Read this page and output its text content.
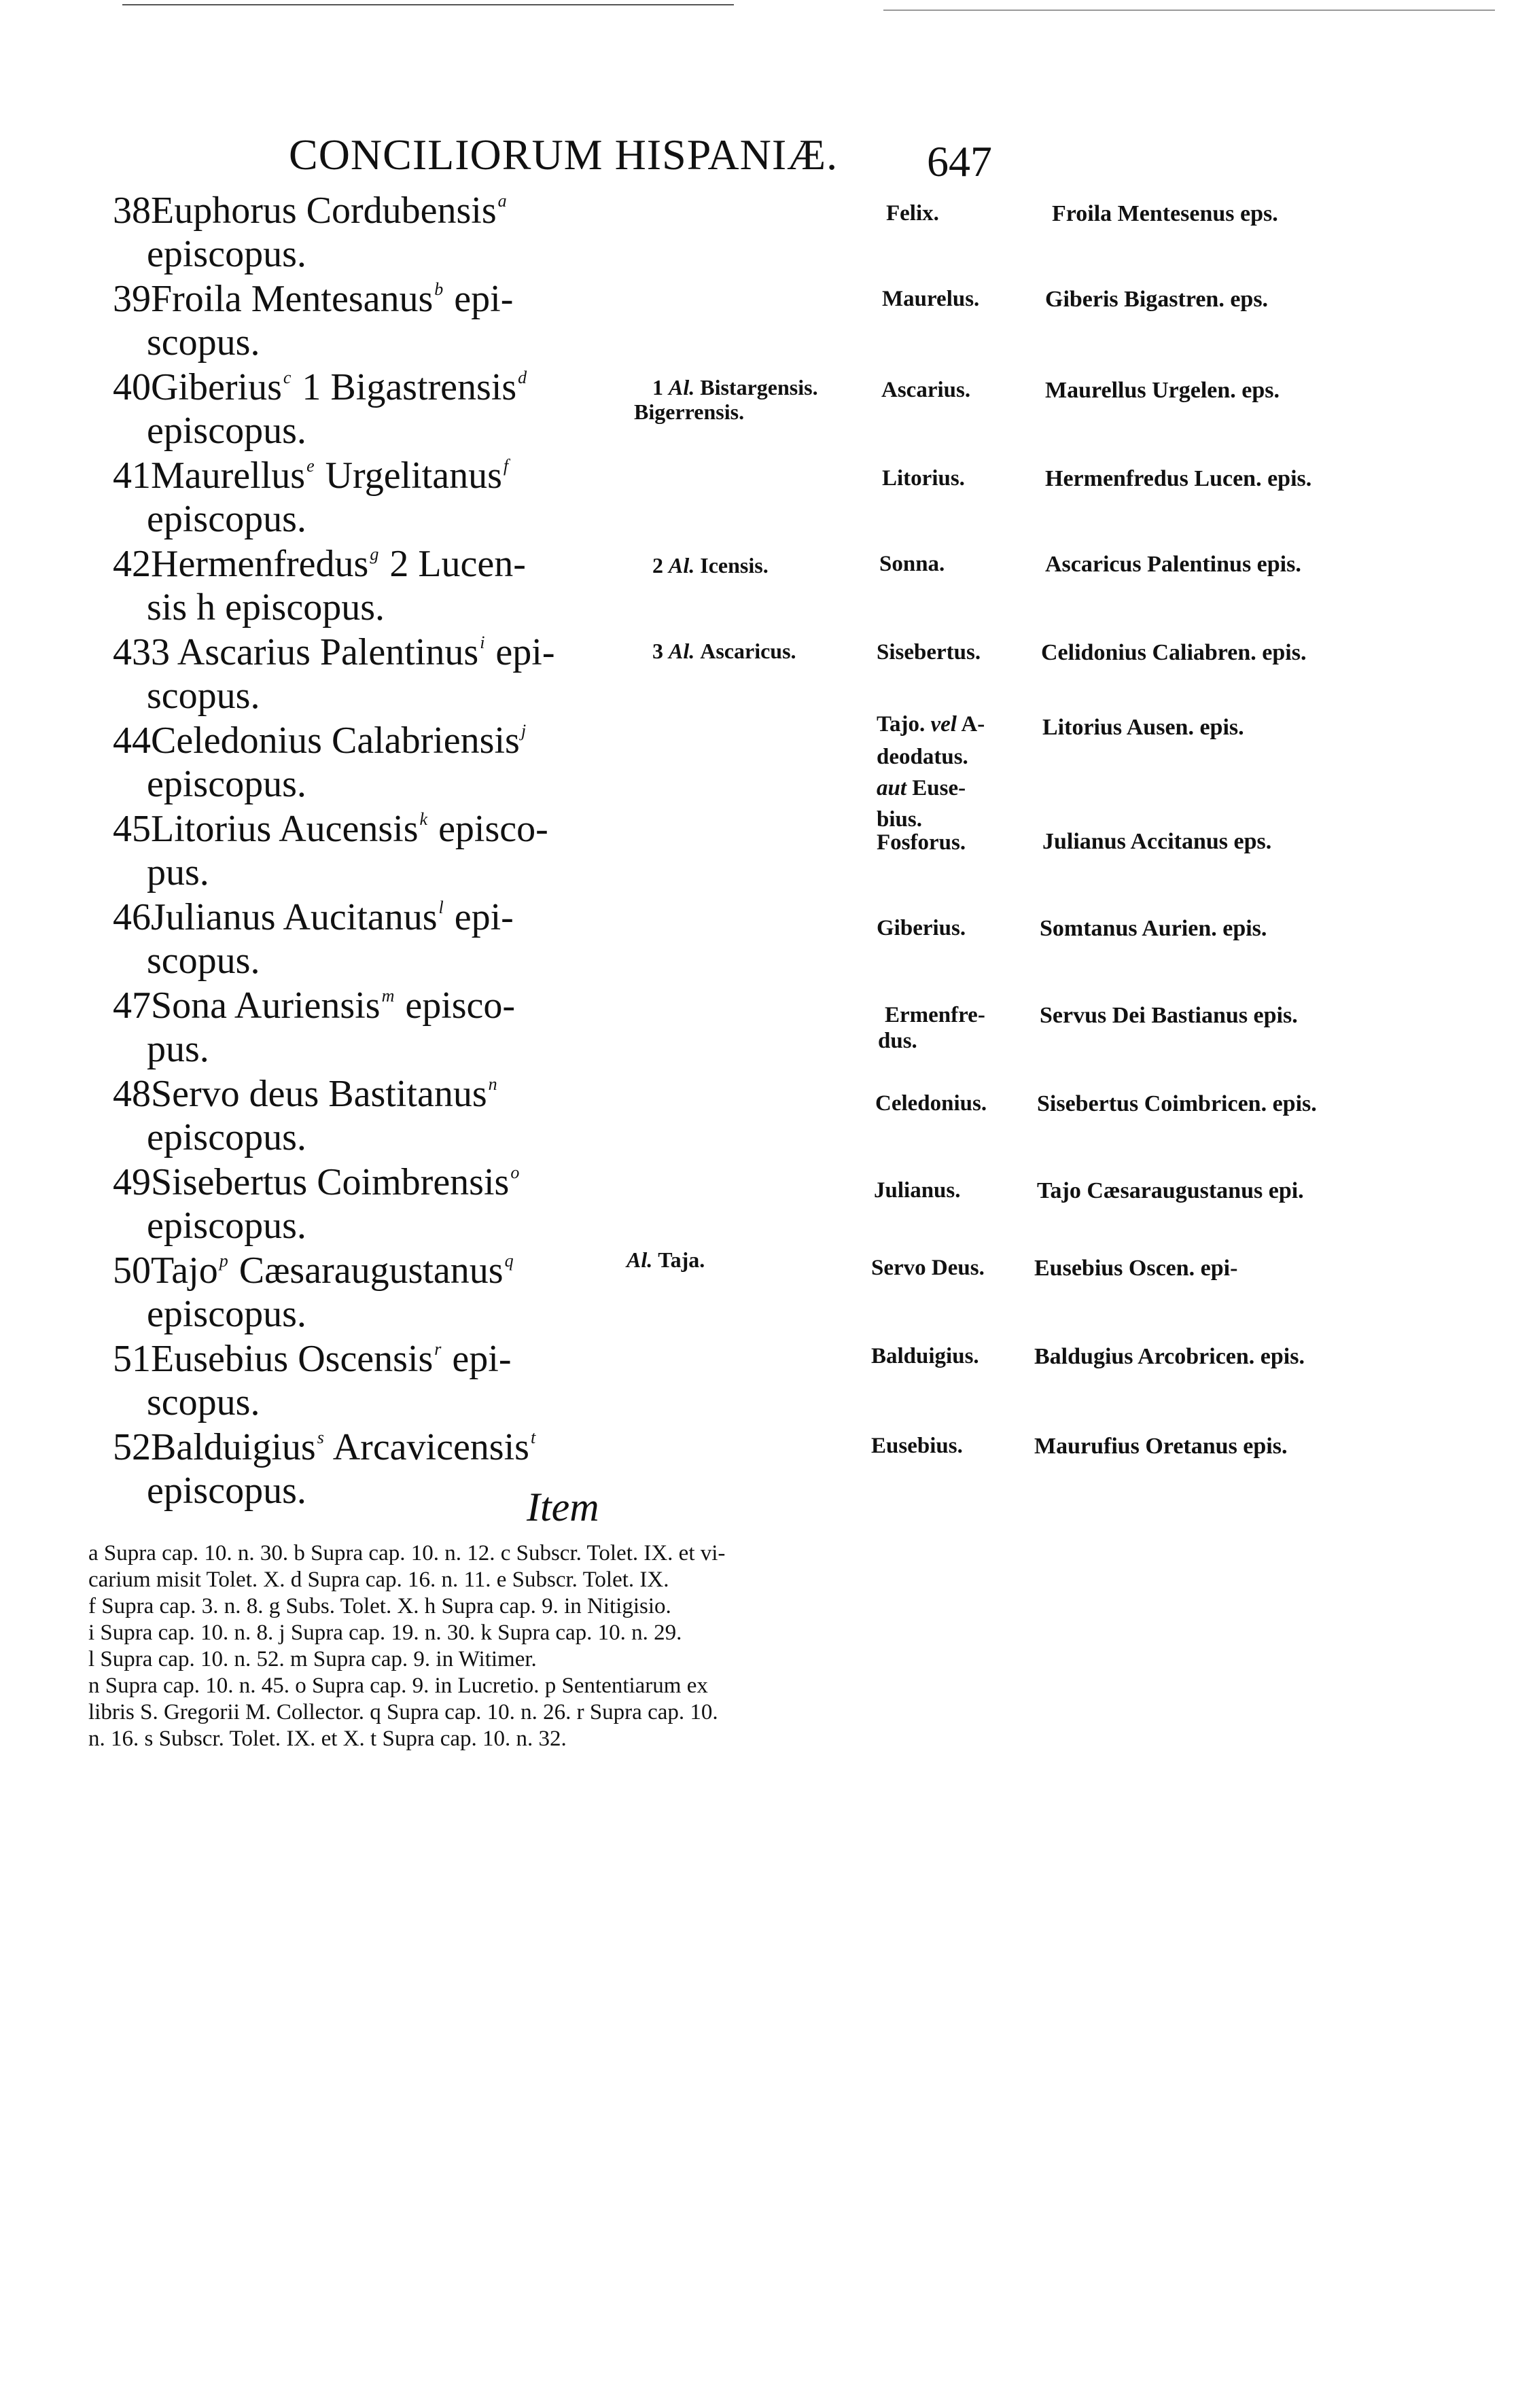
CONCILIORUM HISPANIÆ. 647
38Euphorus Cordubensis$^a$
episcopus.
39Froila Mentesanus$^b$ epi-
scopus.
40Giberius$^c$ 1 Bigastrensis$^d$
episcopus.
41Maurellus$^e$ Urgelitanus$^f$
episcopus.
42Hermenfredus$^g$ 2 Lucen-
sis h episcopus.
433 Ascarius Palentinus$^i$ epi-
scopus.
44Celedonius Calabriensis$^j$
episcopus.
45Litorius Aucensis$^k$ episco-
pus.
46Julianus Aucitanus$^l$ epi-
scopus.
47Sona Auriensis$^m$ episco-
pus.
48Servo deus Bastitanus$^n$
episcopus.
49Sisebertus Coimbrensis$^o$
episcopus.
50Tajo$^p$ Cæsaraugustanus$^q$
episcopus.
51Eusebius Oscensis$^r$ epi-
scopus.
52Balduigius$^s$ Arcavicensis$^t$
episcopus.
1 Al. Bistargensis.
Bigerrensis.
2 Al. Icensis.
3 Al. Ascaricus.
Al. Taja.
Felix.
Maurelus.
Ascarius.
Litorius.
Sonna.
Sisebertus.
Tajo. vel A-
deodatus.
aut Euse-
bius.
Fosforus.
Giberius.
Ermenfre-
dus.
Celedonius.
Julianus.
Servo Deus.
Balduigius.
Eusebius.
Froila Mentesenus eps.
Giberis Bigastren. eps.
Maurellus Urgelen. eps.
Hermenfredus Lucen. epis.
Ascaricus Palentinus epis.
Celidonius Caliabren. epis.
Litorius Ausen. epis.
Julianus Accitanus eps.
Somtanus Aurien. epis.
Servus Dei Bastianus epis.
Sisebertus Coimbricen. epis.
Tajo Cæsaraugustanus epi.
Eusebius Oscen. epi-
Baldugius Arcobricen. epis.
Maurufius Oretanus epis.
Item
a Supra cap. 10. n. 30. b Supra cap. 10. n. 12. c Subscr. Tolet. IX. et vi-
carium misit Tolet. X. d Supra cap. 16. n. 11. e Subscr. Tolet. IX.
f Supra cap. 3. n. 8. g Subs. Tolet. X. h Supra cap. 9. in Nitigisio.
i Supra cap. 10. n. 8. j Supra cap. 19. n. 30. k Supra cap. 10. n. 29.
l Supra cap. 10. n. 52. m Supra cap. 9. in Witimer.
n Supra cap. 10. n. 45. o Supra cap. 9. in Lucretio. p Sententiarum ex
libris S. Gregorii M. Collector. q Supra cap. 10. n. 26. r Supra cap. 10.
n. 16. s Subscr. Tolet. IX. et X. t Supra cap. 10. n. 32.
